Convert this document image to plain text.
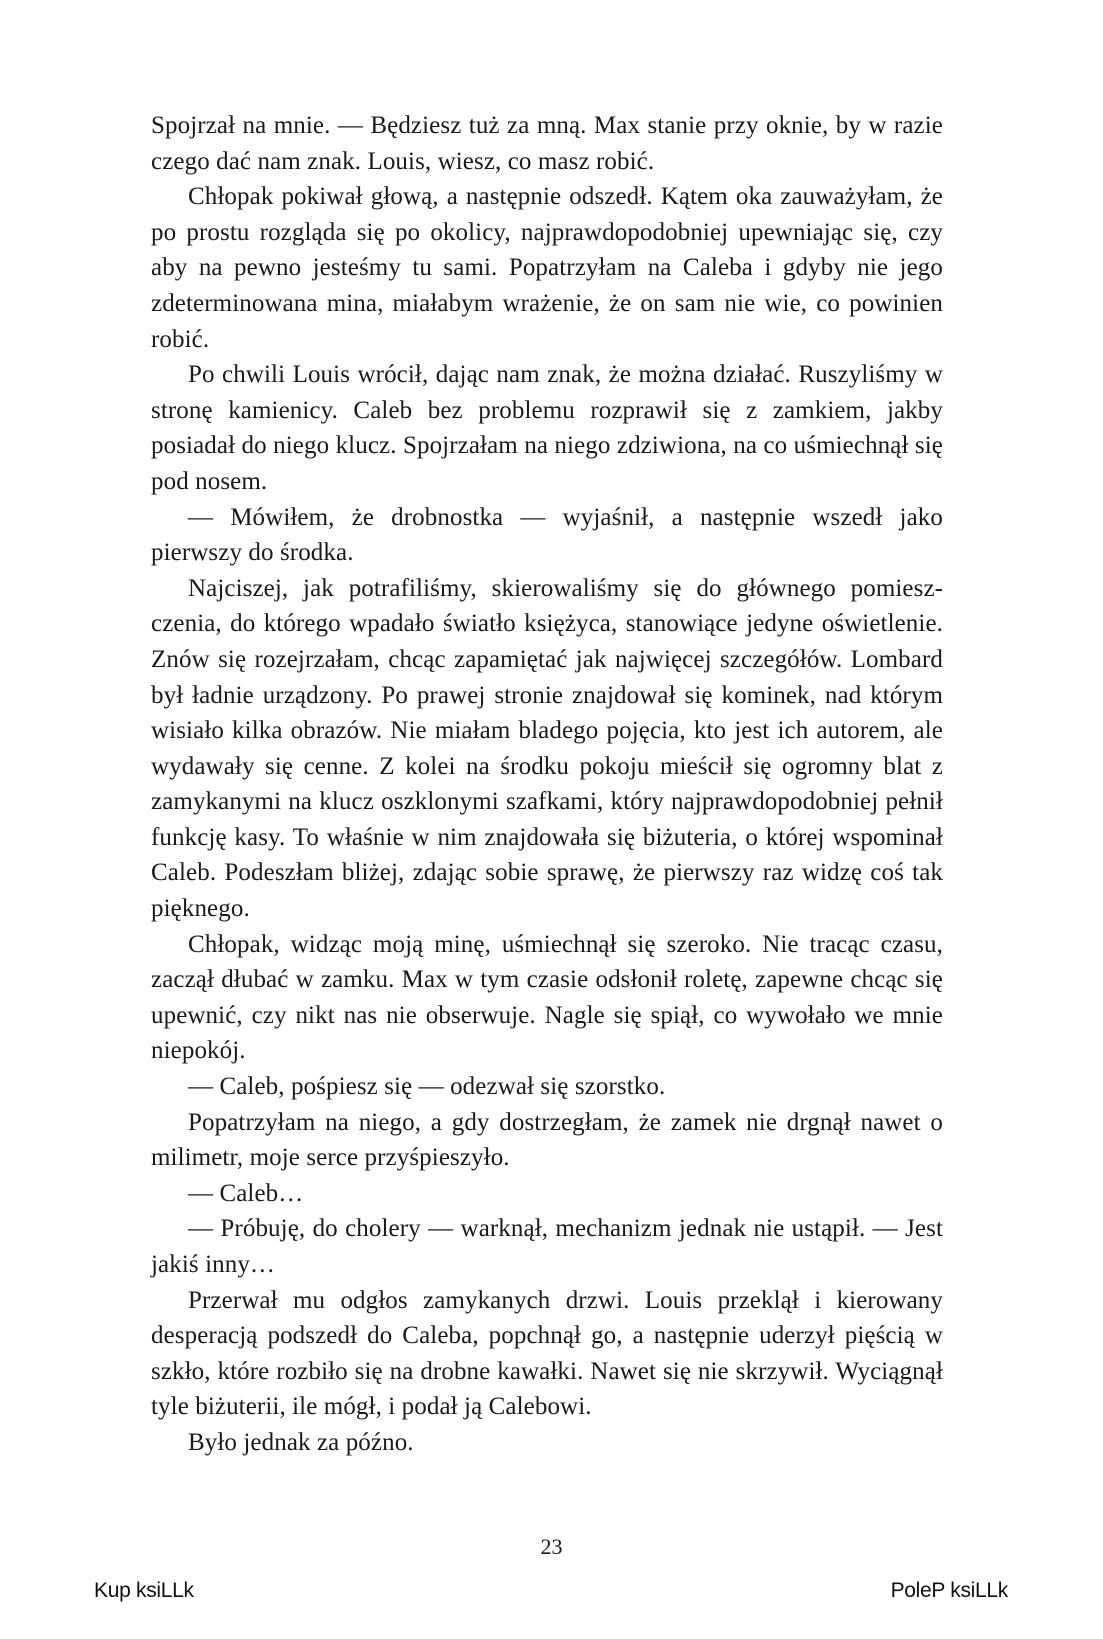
Spojrzał na mnie. — Będziesz tuż za mną. Max stanie przy oknie, by w razie czego dać nam znak. Louis, wiesz, co masz robić.

Chłopak pokiwał głową, a następnie odszedł. Kątem oka zauważyłam, że po prostu rozgląda się po okolicy, najprawdopodobniej upewniając się, czy aby na pewno jesteśmy tu sami. Popatrzyłam na Caleba i gdyby nie jego zdeterminowana mina, miałabym wrażenie, że on sam nie wie, co powinien robić.

Po chwili Louis wrócił, dając nam znak, że można działać. Ruszyliśmy w stronę kamienicy. Caleb bez problemu rozprawił się z zamkiem, jakby posiadał do niego klucz. Spojrzałam na niego zdziwiona, na co uśmiechnął się pod nosem.

— Mówiłem, że drobnostka — wyjaśnił, a następnie wszedł jako pierwszy do środka.

Najciszej, jak potrafiliśmy, skierowaliśmy się do głównego pomieszczenia, do którego wpadało światło księżyca, stanowiące jedyne oświetlenie. Znów się rozejrzałam, chcąc zapamiętać jak najwięcej szczegółów. Lombard był ładnie urządzony. Po prawej stronie znajdował się kominek, nad którym wisiało kilka obrazów. Nie miałam bladego pojęcia, kto jest ich autorem, ale wydawały się cenne. Z kolei na środku pokoju mieścił się ogromny blat z zamykanymi na klucz oszklonymi szafkami, który najprawdopodobniej pełnił funkcję kasy. To właśnie w nim znajdowała się biżuteria, o której wspominał Caleb. Podeszłam bliżej, zdając sobie sprawę, że pierwszy raz widzę coś tak pięknego.

Chłopak, widząc moją minę, uśmiechnął się szeroko. Nie tracąc czasu, zaczął dłubać w zamku. Max w tym czasie odsłonił roletę, zapewne chcąc się upewnić, czy nikt nas nie obserwuje. Nagle się spiął, co wywołało we mnie niepokój.

— Caleb, pośpiesz się — odezwał się szorstko.

Popatrzyłam na niego, a gdy dostrzegłam, że zamek nie drgnął nawet o milimetr, moje serce przyśpieszyło.

— Caleb…

— Próbuję, do cholery — warknął, mechanizm jednak nie ustąpił. — Jest jakiś inny…

Przerwał mu odgłos zamykanych drzwi. Louis przeklął i kierowany desperacją podszedł do Caleba, popchnął go, a następnie uderzył pięścią w szkło, które rozbiło się na drobne kawałki. Nawet się nie skrzywił. Wyciągnął tyle biżuterii, ile mógł, i podał ją Calebowi.

Było jednak za późno.

23
Kup ksiLLk	PoleP ksiLLk
